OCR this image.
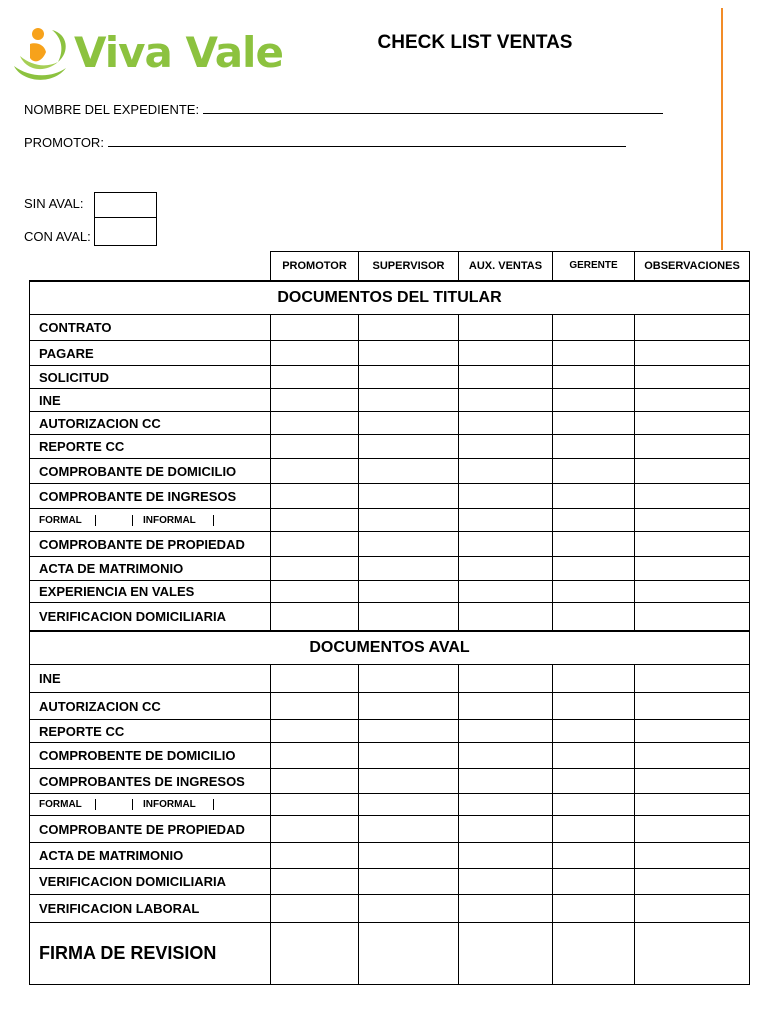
Viva Vale	CHECK LIST VENTAS
NOMBRE DEL EXPEDIENTE:
PROMOTOR:
SIN AVAL:
CON AVAL:
	PROMOTOR	SUPERVISOR	AUX. VENTAS	GERENTE	OBSERVACIONES
DOCUMENTOS DEL TITULAR					
CONTRATO					
PAGARE					
SOLICITUD					
INE					
AUTORIZACION CC					
REPORTE CC					
COMPROBANTE DE DOMICILIO					
COMPROBANTE DE INGRESOS					

FORMAL INFORMAL					

COMPROBANTE DE PROPIEDAD					
ACTA DE MATRIMONIO					
EXPERIENCIA EN VALES					
VERIFICACION DOMICILIARIA					
DOCUMENTOS AVAL					
INE					
AUTORIZACION CC					
REPORTE CC					
COMPROBENTE DE DOMICILIO					
COMPROBANTES DE INGRESOS					

FORMAL INFORMAL					

COMPROBANTE DE PROPIEDAD					
ACTA DE MATRIMONIO					
VERIFICACION DOMICILIARIA					
VERIFICACION LABORAL					
FIRMA DE REVISION					
